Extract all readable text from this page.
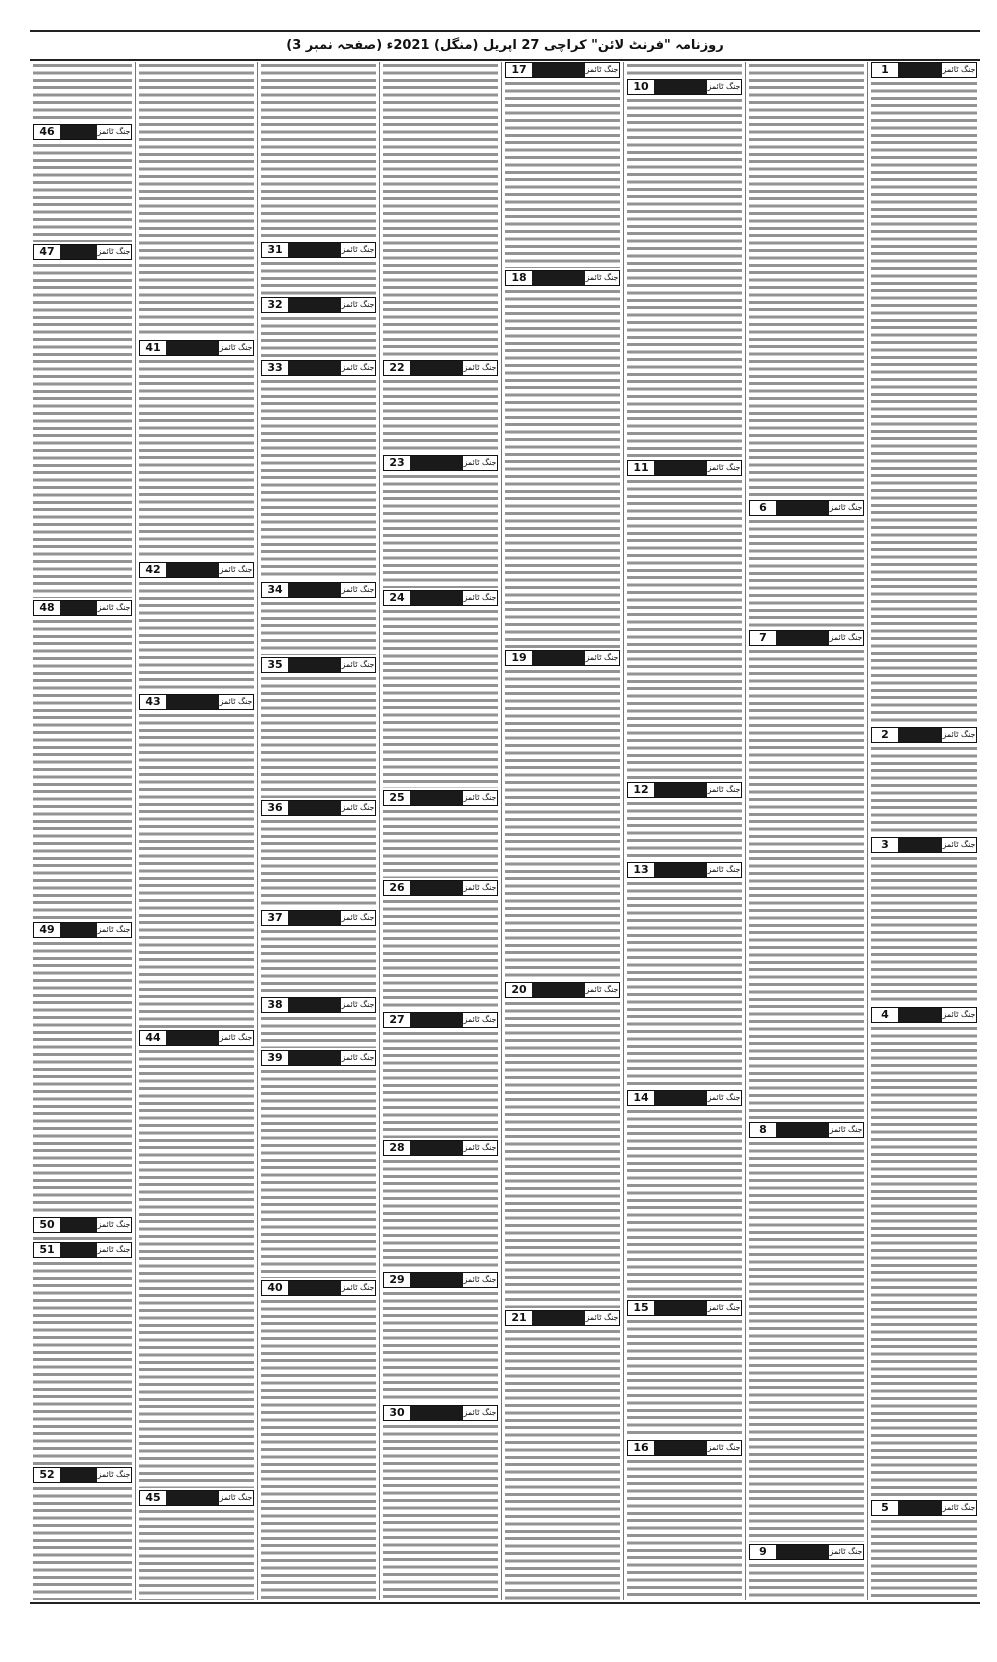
روزنامہ "فرنٹ لائن" کراچی 27 اپریل (منگل) 2021ء (صفحہ نمبر 3)
جنگ ٹائمز
1
جنگ ٹائمز
2
جنگ ٹائمز
3
جنگ ٹائمز
4
جنگ ٹائمز
5
جنگ ٹائمز
6
جنگ ٹائمز
7
جنگ ٹائمز
8
جنگ ٹائمز
9
جنگ ٹائمز
10
جنگ ٹائمز
11
جنگ ٹائمز
12
جنگ ٹائمز
13
جنگ ٹائمز
14
جنگ ٹائمز
15
جنگ ٹائمز
16
جنگ ٹائمز
17
جنگ ٹائمز
18
جنگ ٹائمز
19
جنگ ٹائمز
20
جنگ ٹائمز
21
جنگ ٹائمز
22
جنگ ٹائمز
23
جنگ ٹائمز
24
جنگ ٹائمز
25
جنگ ٹائمز
26
جنگ ٹائمز
27
جنگ ٹائمز
28
جنگ ٹائمز
29
جنگ ٹائمز
30
جنگ ٹائمز
31
جنگ ٹائمز
32
جنگ ٹائمز
33
جنگ ٹائمز
34
جنگ ٹائمز
35
جنگ ٹائمز
36
جنگ ٹائمز
37
جنگ ٹائمز
38
جنگ ٹائمز
39
جنگ ٹائمز
40
جنگ ٹائمز
41
جنگ ٹائمز
42
جنگ ٹائمز
43
جنگ ٹائمز
44
جنگ ٹائمز
45
جنگ ٹائمز
46
جنگ ٹائمز
47
جنگ ٹائمز
48
جنگ ٹائمز
49
جنگ ٹائمز
50
جنگ ٹائمز
51
جنگ ٹائمز
52
